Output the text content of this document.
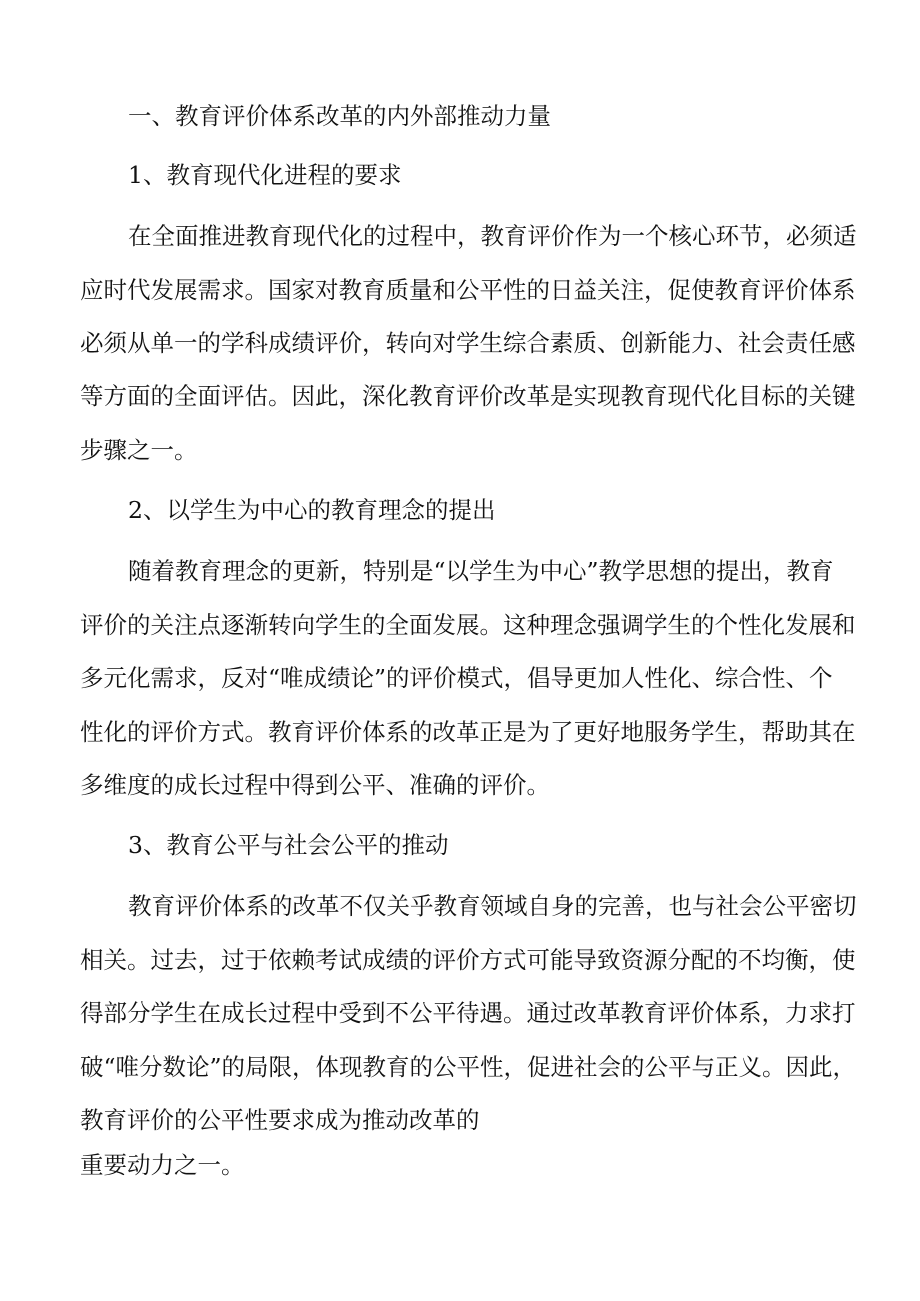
一、教育评价体系改革的内外部推动力量
1、教育现代化进程的要求
在全面推进教育现代化的过程中，教育评价作为一个核心环节，必须适
应时代发展需求。国家对教育质量和公平性的日益关注，促使教育评价体系
必须从单一的学科成绩评价，转向对学生综合素质、创新能力、社会责任感
等方面的全面评估。因此，深化教育评价改革是实现教育现代化目标的关键
步骤之一。
2、以学生为中心的教育理念的提出
随着教育理念的更新，特别是“以学生为中心”教学思想的提出，教育
评价的关注点逐渐转向学生的全面发展。这种理念强调学生的个性化发展和
多元化需求，反对“唯成绩论”的评价模式，倡导更加人性化、综合性、个
性化的评价方式。教育评价体系的改革正是为了更好地服务学生，帮助其在
多维度的成长过程中得到公平、准确的评价。
3、教育公平与社会公平的推动
教育评价体系的改革不仅关乎教育领域自身的完善，也与社会公平密切
相关。过去，过于依赖考试成绩的评价方式可能导致资源分配的不均衡，使
得部分学生在成长过程中受到不公平待遇。通过改革教育评价体系，力求打
破“唯分数论”的局限，体现教育的公平性，促进社会的公平与正义。因此，
教育评价的公平性要求成为推动改革的
重要动力之一。
